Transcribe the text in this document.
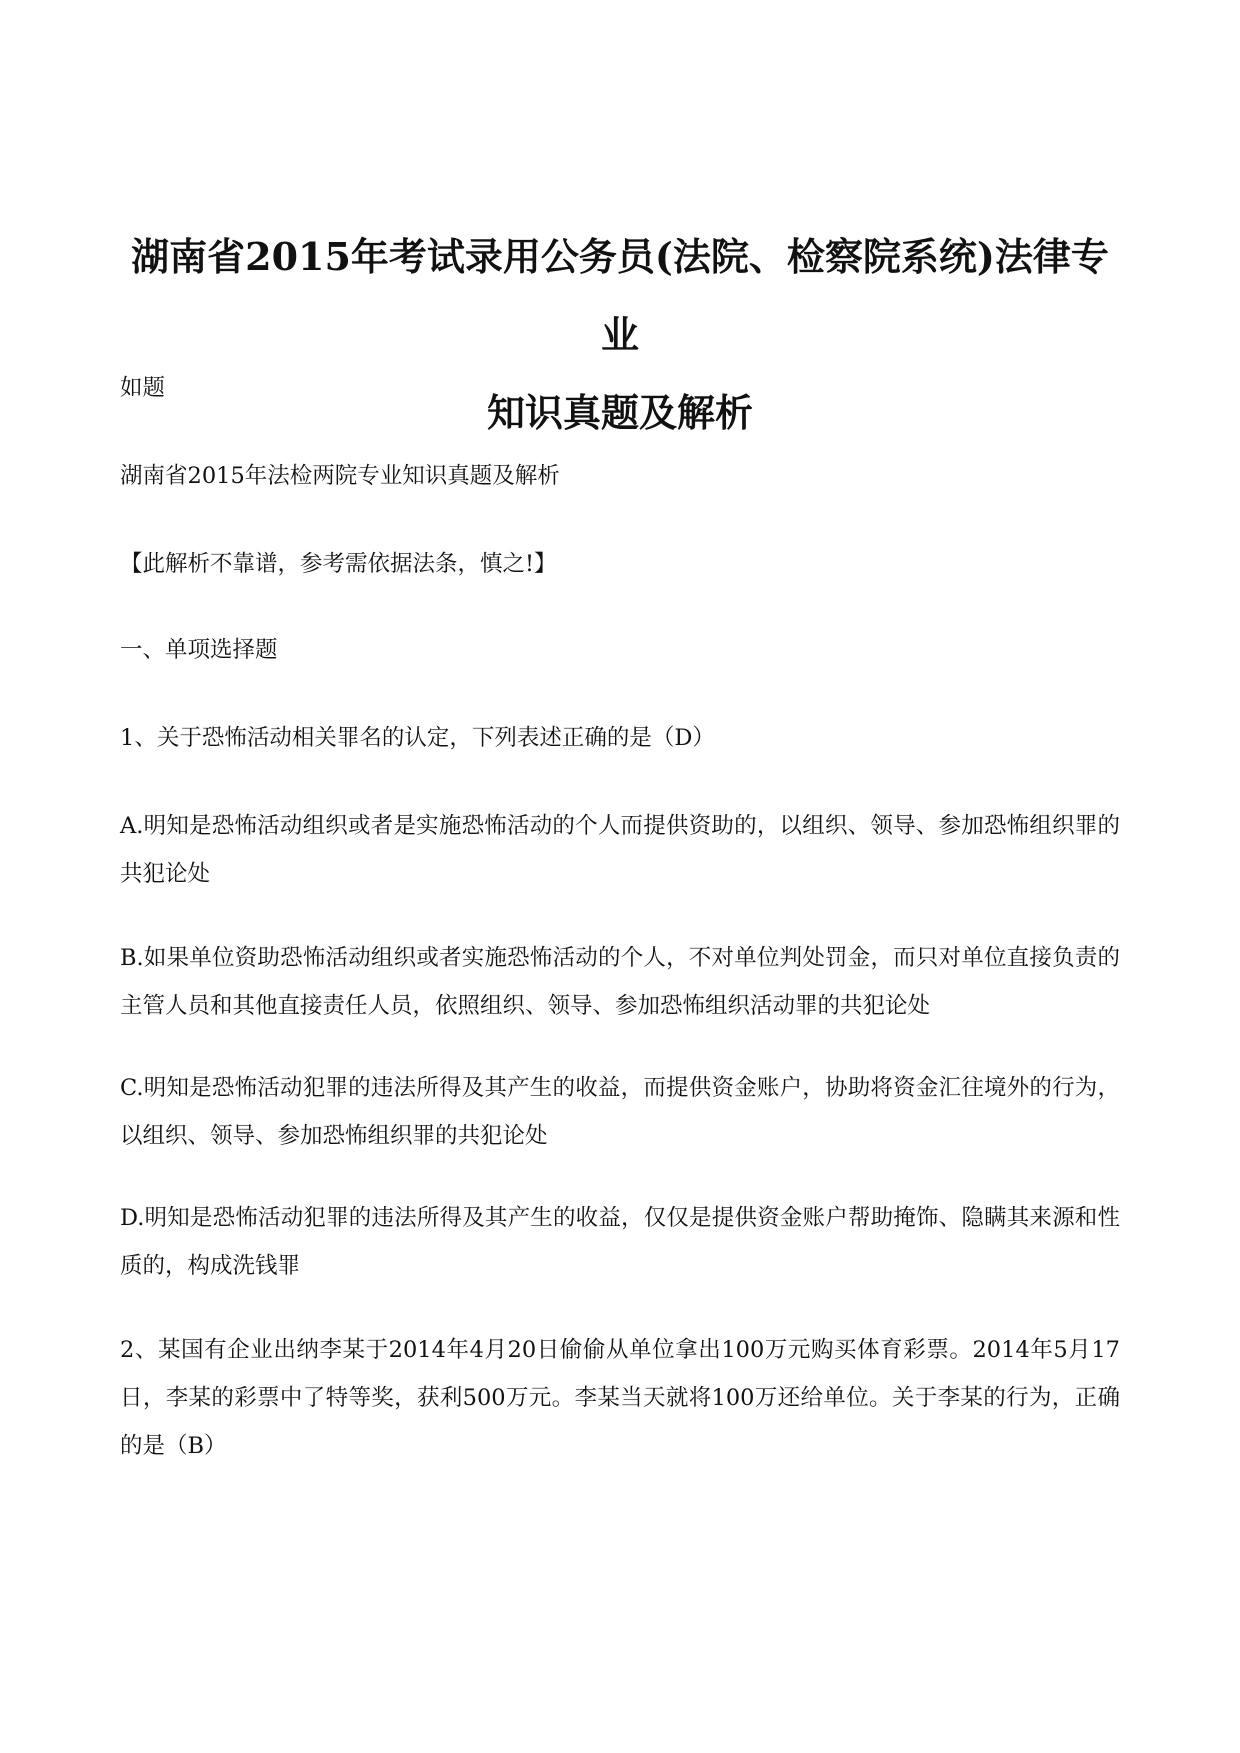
湖南省2015年考试录用公务员(法院、检察院系统)法律专业
知识真题及解析

如题

湖南省2015年法检两院专业知识真题及解析

【此解析不靠谱，参考需依据法条，慎之!】

一、单项选择题

1、关于恐怖活动相关罪名的认定，下列表述正确的是（D）

A.明知是恐怖活动组织或者是实施恐怖活动的个人而提供资助的，以组织、领导、参加恐怖组织罪的共犯论处

B.如果单位资助恐怖活动组织或者实施恐怖活动的个人，不对单位判处罚金，而只对单位直接负责的主管人员和其他直接责任人员，依照组织、领导、参加恐怖组织活动罪的共犯论处

C.明知是恐怖活动犯罪的违法所得及其产生的收益，而提供资金账户，协助将资金汇往境外的行为，以组织、领导、参加恐怖组织罪的共犯论处

D.明知是恐怖活动犯罪的违法所得及其产生的收益，仅仅是提供资金账户帮助掩饰、隐瞒其来源和性质的，构成洗钱罪

2、某国有企业出纳李某于2014年4月20日偷偷从单位拿出100万元购买体育彩票。2014年5月17日，李某的彩票中了特等奖，获利500万元。李某当天就将100万还给单位。关于李某的行为，正确的是（B）
